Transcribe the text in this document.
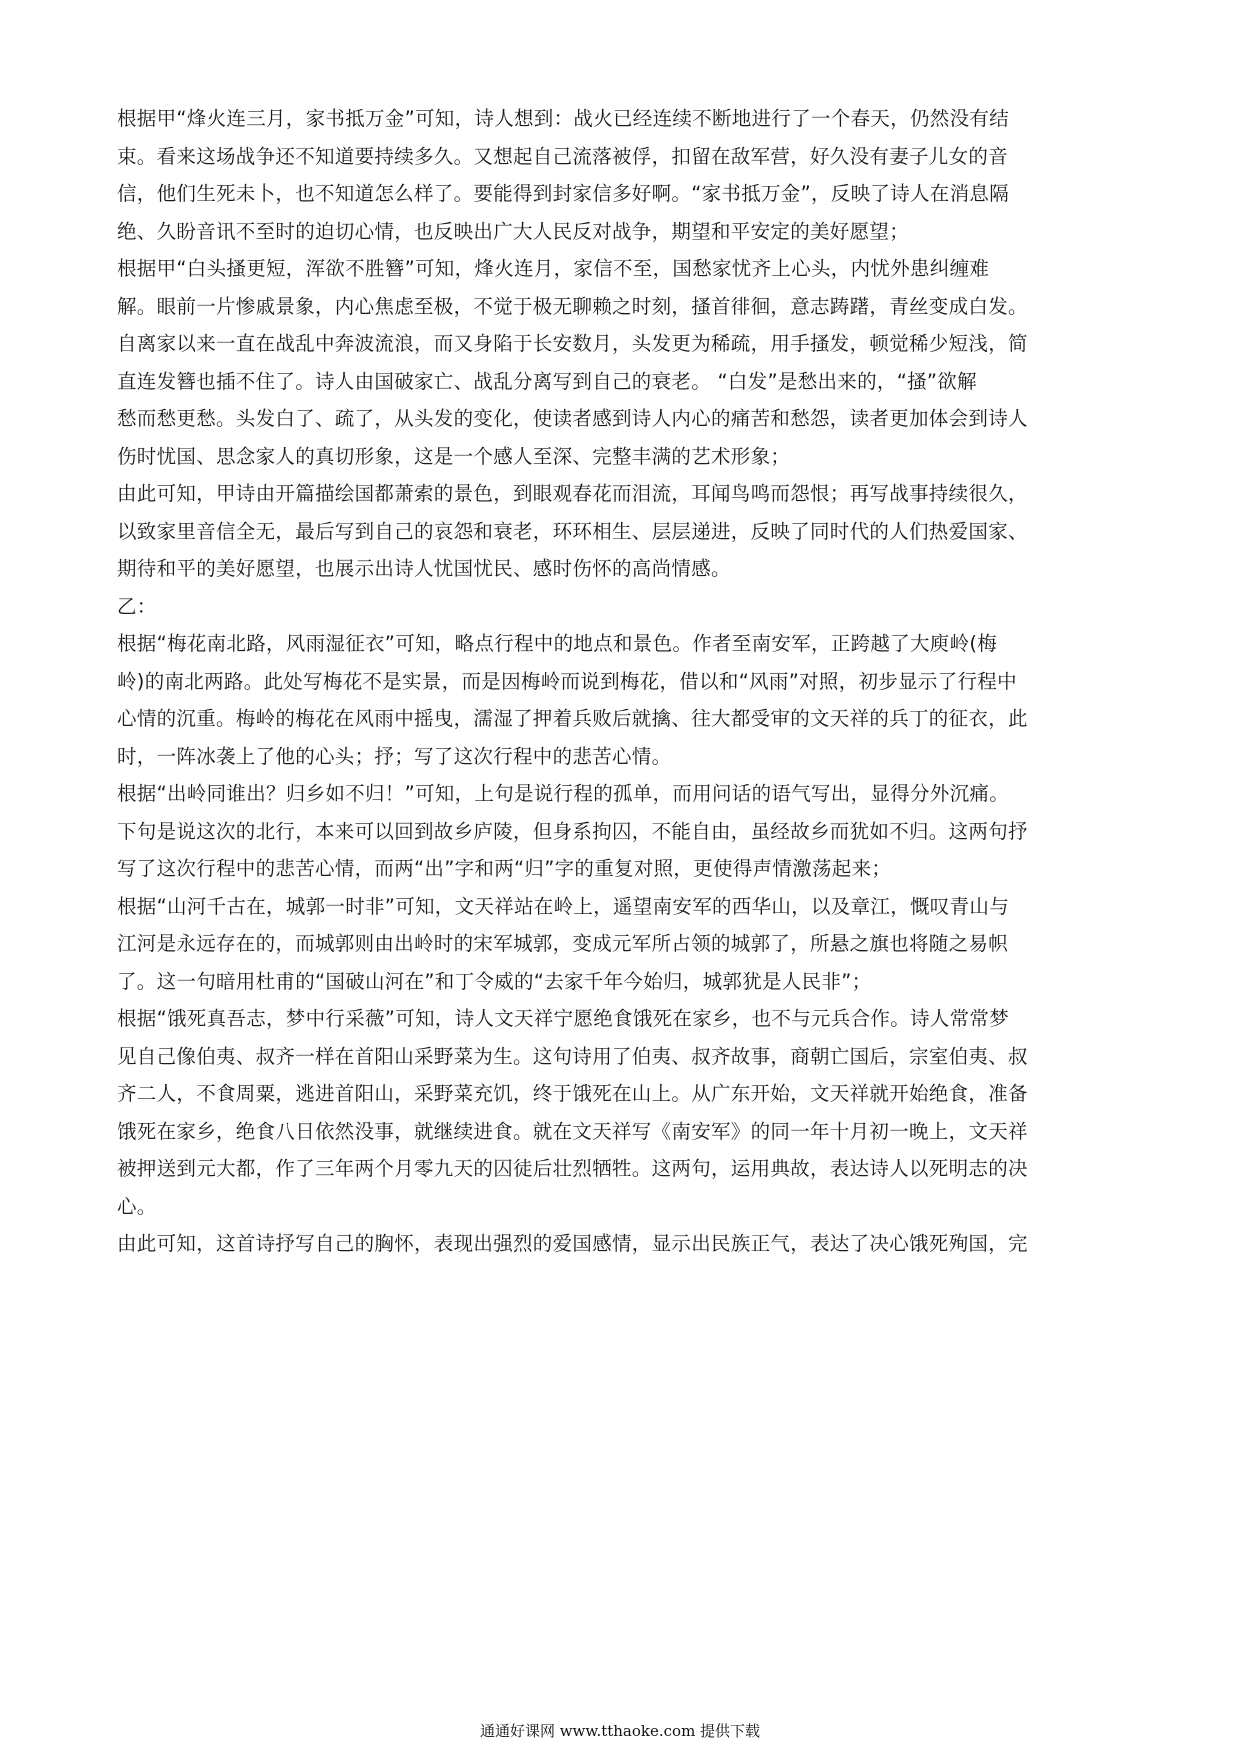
根据甲“烽火连三月，家书抵万金”可知，诗人想到：战火已经连续不断地进行了一个春天，仍然没有结
束。看来这场战争还不知道要持续多久。又想起自己流落被俘，扣留在敌军营，好久没有妻子儿女的音
信，他们生死未卜，也不知道怎么样了。要能得到封家信多好啊。“家书抵万金”，反映了诗人在消息隔
绝、久盼音讯不至时的迫切心情，也反映出广大人民反对战争，期望和平安定的美好愿望；
根据甲“白头搔更短，浑欲不胜簪”可知，烽火连月，家信不至，国愁家忧齐上心头，内忧外患纠缠难
解。眼前一片惨戚景象，内心焦虑至极，不觉于极无聊赖之时刻，搔首徘徊，意志踌躇，青丝变成白发。
自离家以来一直在战乱中奔波流浪，而又身陷于长安数月，头发更为稀疏，用手搔发，顿觉稀少短浅，简
直连发簪也插不住了。诗人由国破家亡、战乱分离写到自己的衰老。 “白发”是愁出来的，“搔”欲解
愁而愁更愁。头发白了、疏了，从头发的变化，使读者感到诗人内心的痛苦和愁怨，读者更加体会到诗人
伤时忧国、思念家人的真切形象，这是一个感人至深、完整丰满的艺术形象；
由此可知，甲诗由开篇描绘国都萧索的景色，到眼观春花而泪流，耳闻鸟鸣而怨恨；再写战事持续很久，
以致家里音信全无，最后写到自己的哀怨和衰老，环环相生、层层递进，反映了同时代的人们热爱国家、
期待和平的美好愿望，也展示出诗人忧国忧民、感时伤怀的高尚情感。
乙：
根据“梅花南北路，风雨湿征衣”可知，略点行程中的地点和景色。作者至南安军，正跨越了大庾岭(梅
岭)的南北两路。此处写梅花不是实景，而是因梅岭而说到梅花，借以和“风雨”对照，初步显示了行程中
心情的沉重。梅岭的梅花在风雨中摇曳，濡湿了押着兵败后就擒、往大都受审的文天祥的兵丁的征衣，此
时，一阵冰袭上了他的心头；抒；写了这次行程中的悲苦心情。
根据“出岭同谁出？归乡如不归！”可知，上句是说行程的孤单，而用问话的语气写出，显得分外沉痛。
下句是说这次的北行，本来可以回到故乡庐陵，但身系拘囚，不能自由，虽经故乡而犹如不归。这两句抒
写了这次行程中的悲苦心情，而两“出”字和两“归”字的重复对照，更使得声情激荡起来；
根据“山河千古在，城郭一时非”可知，文天祥站在岭上，遥望南安军的西华山，以及章江，慨叹青山与
江河是永远存在的，而城郭则由出岭时的宋军城郭，变成元军所占领的城郭了，所悬之旗也将随之易帜
了。这一句暗用杜甫的“国破山河在”和丁令威的“去家千年今始归，城郭犹是人民非”；
根据“饿死真吾志，梦中行采薇”可知，诗人文天祥宁愿绝食饿死在家乡，也不与元兵合作。诗人常常梦
见自己像伯夷、叔齐一样在首阳山采野菜为生。这句诗用了伯夷、叔齐故事，商朝亡国后，宗室伯夷、叔
齐二人，不食周粟，逃进首阳山，采野菜充饥，终于饿死在山上。从广东开始，文天祥就开始绝食，准备
饿死在家乡，绝食八日依然没事，就继续进食。就在文天祥写《南安军》的同一年十月初一晚上，文天祥
被押送到元大都，作了三年两个月零九天的囚徒后壮烈牺牲。这两句，运用典故，表达诗人以死明志的决
心。
由此可知，这首诗抒写自己的胸怀，表现出强烈的爱国感情，显示出民族正气，表达了决心饿死殉国，完
通通好课网 www.tthaoke.com 提供下载
